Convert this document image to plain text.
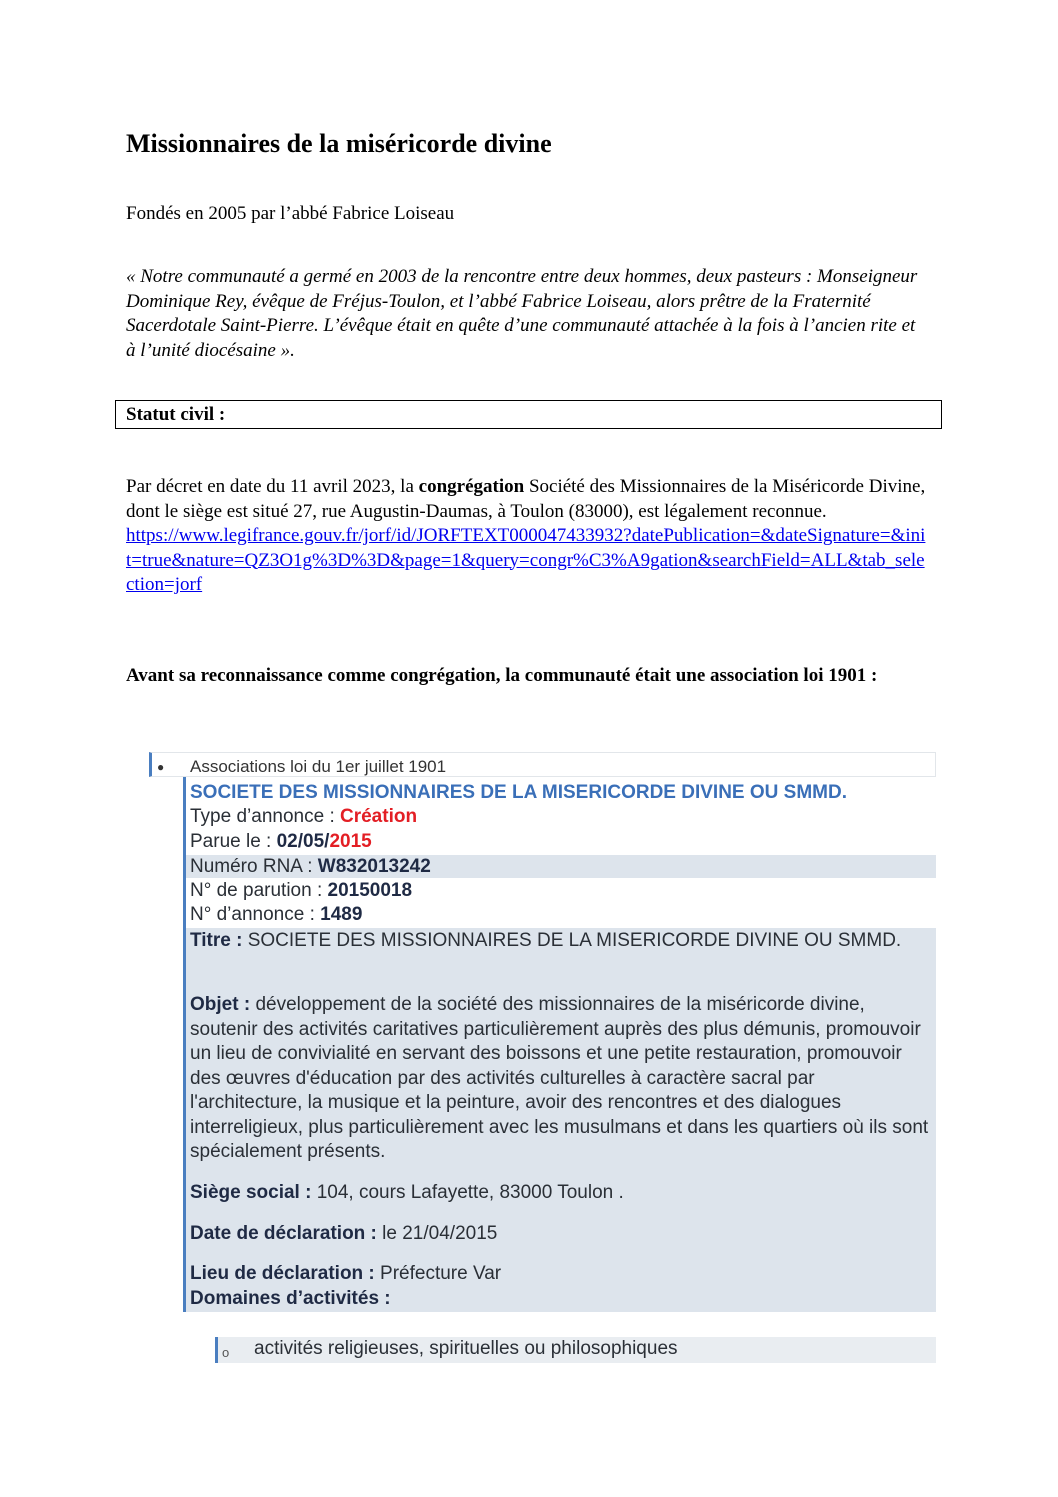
Missionnaires de la miséricorde divine
Fondés en 2005 par l’abbé Fabrice Loiseau
« Notre communauté a germé en 2003 de la rencontre entre deux hommes, deux pasteurs : Monseigneur Dominique Rey, évêque de Fréjus-Toulon, et l’abbé Fabrice Loiseau, alors prêtre de la Fraternité Sacerdotale Saint-Pierre. L’évêque était en quête d’une communauté attachée à la fois à l’ancien rite et à l’unité diocésaine ».
Statut civil :
Par décret en date du 11 avril 2023, la congrégation Société des Missionnaires de la Miséricorde Divine, dont le siège est situé 27, rue Augustin-Daumas, à Toulon (83000), est légalement reconnue.
https://www.legifrance.gouv.fr/jorf/id/JORFTEXT000047433932?datePublication=&dateSignature=&init=true&nature=QZ3O1g%3D%3D&page=1&query=congr%C3%A9gation&searchField=ALL&tab_selection=jorf
Avant sa reconnaissance comme congrégation, la communauté était une association loi 1901 :
● Associations loi du 1er juillet 1901
SOCIETE DES MISSIONNAIRES DE LA MISERICORDE DIVINE OU SMMD.
Type d’annonce : Création
Parue le : 02/05/2015
Numéro RNA : W832013242
N° de parution : 20150018
N° d’annonce : 1489
Titre : SOCIETE DES MISSIONNAIRES DE LA MISERICORDE DIVINE OU SMMD.
Objet : développement de la société des missionnaires de la miséricorde divine, soutenir des activités caritatives particulièrement auprès des plus démunis, promouvoir un lieu de convivialité en servant des boissons et une petite restauration, promouvoir des œuvres d'éducation par des activités culturelles à caractère sacral par l'architecture, la musique et la peinture, avoir des rencontres et des dialogues interreligieux, plus particulièrement avec les musulmans et dans les quartiers où ils sont spécialement présents.
Siège social : 104, cours Lafayette, 83000 Toulon .
Date de déclaration : le 21/04/2015
Lieu de déclaration : Préfecture Var
Domaines d’activités :
o activités religieuses, spirituelles ou philosophiques
